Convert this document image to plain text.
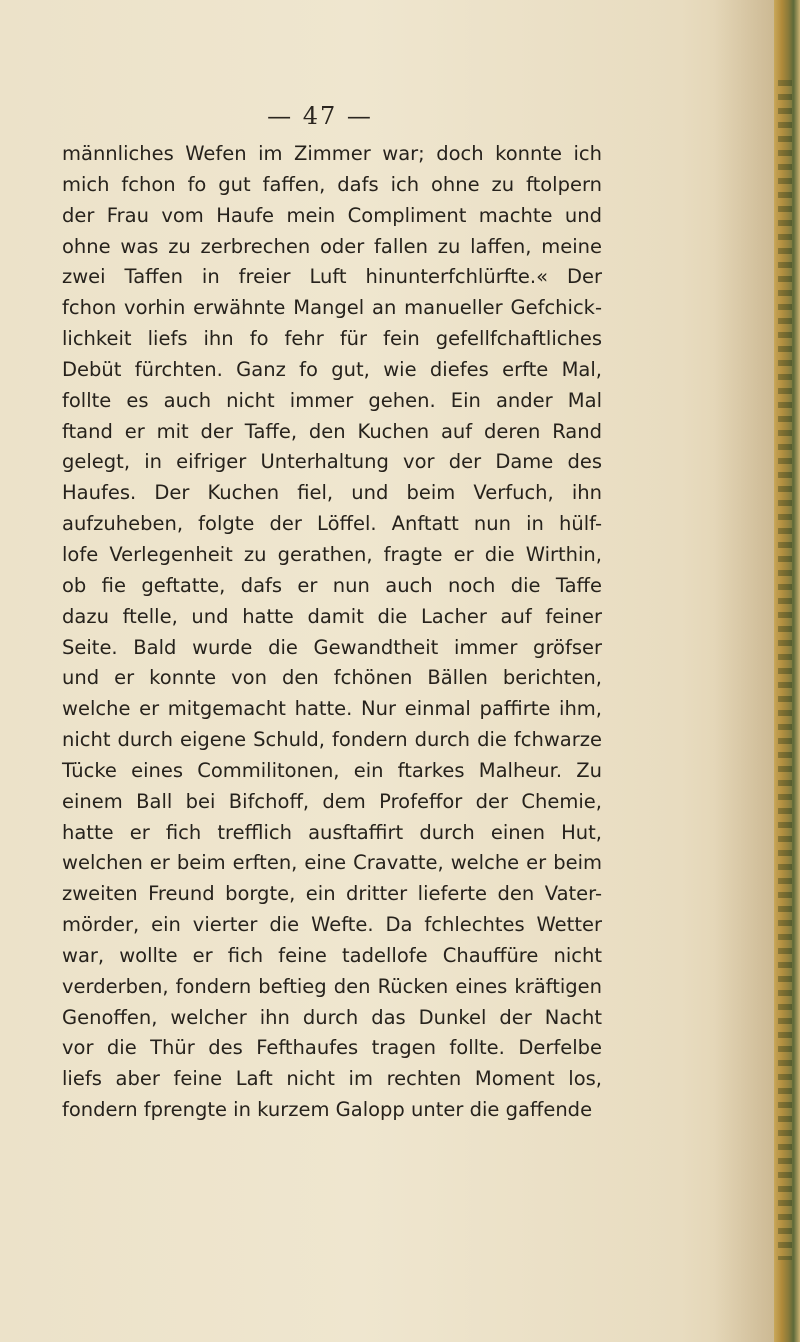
— 47 —
männliches Wefen im Zimmer war; doch konnte ich
mich fchon fo gut faffen, dafs ich ohne zu ftolpern
der Frau vom Haufe mein Compliment machte und
ohne was zu zerbrechen oder fallen zu laffen, meine
zwei Taffen in freier Luft hinunterfchlürfte.« Der
fchon vorhin erwähnte Mangel an manueller Gefchick-
lichkeit liefs ihn fo fehr für fein gefellfchaftliches
Debüt fürchten. Ganz fo gut, wie diefes erfte Mal,
follte es auch nicht immer gehen. Ein ander Mal
ftand er mit der Taffe, den Kuchen auf deren Rand
gelegt, in eifriger Unterhaltung vor der Dame des
Haufes. Der Kuchen fiel, und beim Verfuch, ihn
aufzuheben, folgte der Löffel. Anftatt nun in hülf-
lofe Verlegenheit zu gerathen, fragte er die Wirthin,
ob fie geftatte, dafs er nun auch noch die Taffe
dazu ftelle, und hatte damit die Lacher auf feiner
Seite. Bald wurde die Gewandtheit immer gröfser
und er konnte von den fchönen Bällen berichten,
welche er mitgemacht hatte. Nur einmal paffirte ihm,
nicht durch eigene Schuld, fondern durch die fchwarze
Tücke eines Commilitonen, ein ftarkes Malheur. Zu
einem Ball bei Bifchoff, dem Profeffor der Chemie,
hatte er fich trefflich ausftaffirt durch einen Hut,
welchen er beim erften, eine Cravatte, welche er beim
zweiten Freund borgte, ein dritter lieferte den Vater-
mörder, ein vierter die Wefte. Da fchlechtes Wetter
war, wollte er fich feine tadellofe Chauffüre nicht
verderben, fondern beftieg den Rücken eines kräftigen
Genoffen, welcher ihn durch das Dunkel der Nacht
vor die Thür des Fefthaufes tragen follte. Derfelbe
liefs aber feine Laft nicht im rechten Moment los,
fondern fprengte in kurzem Galopp unter die gaffende
